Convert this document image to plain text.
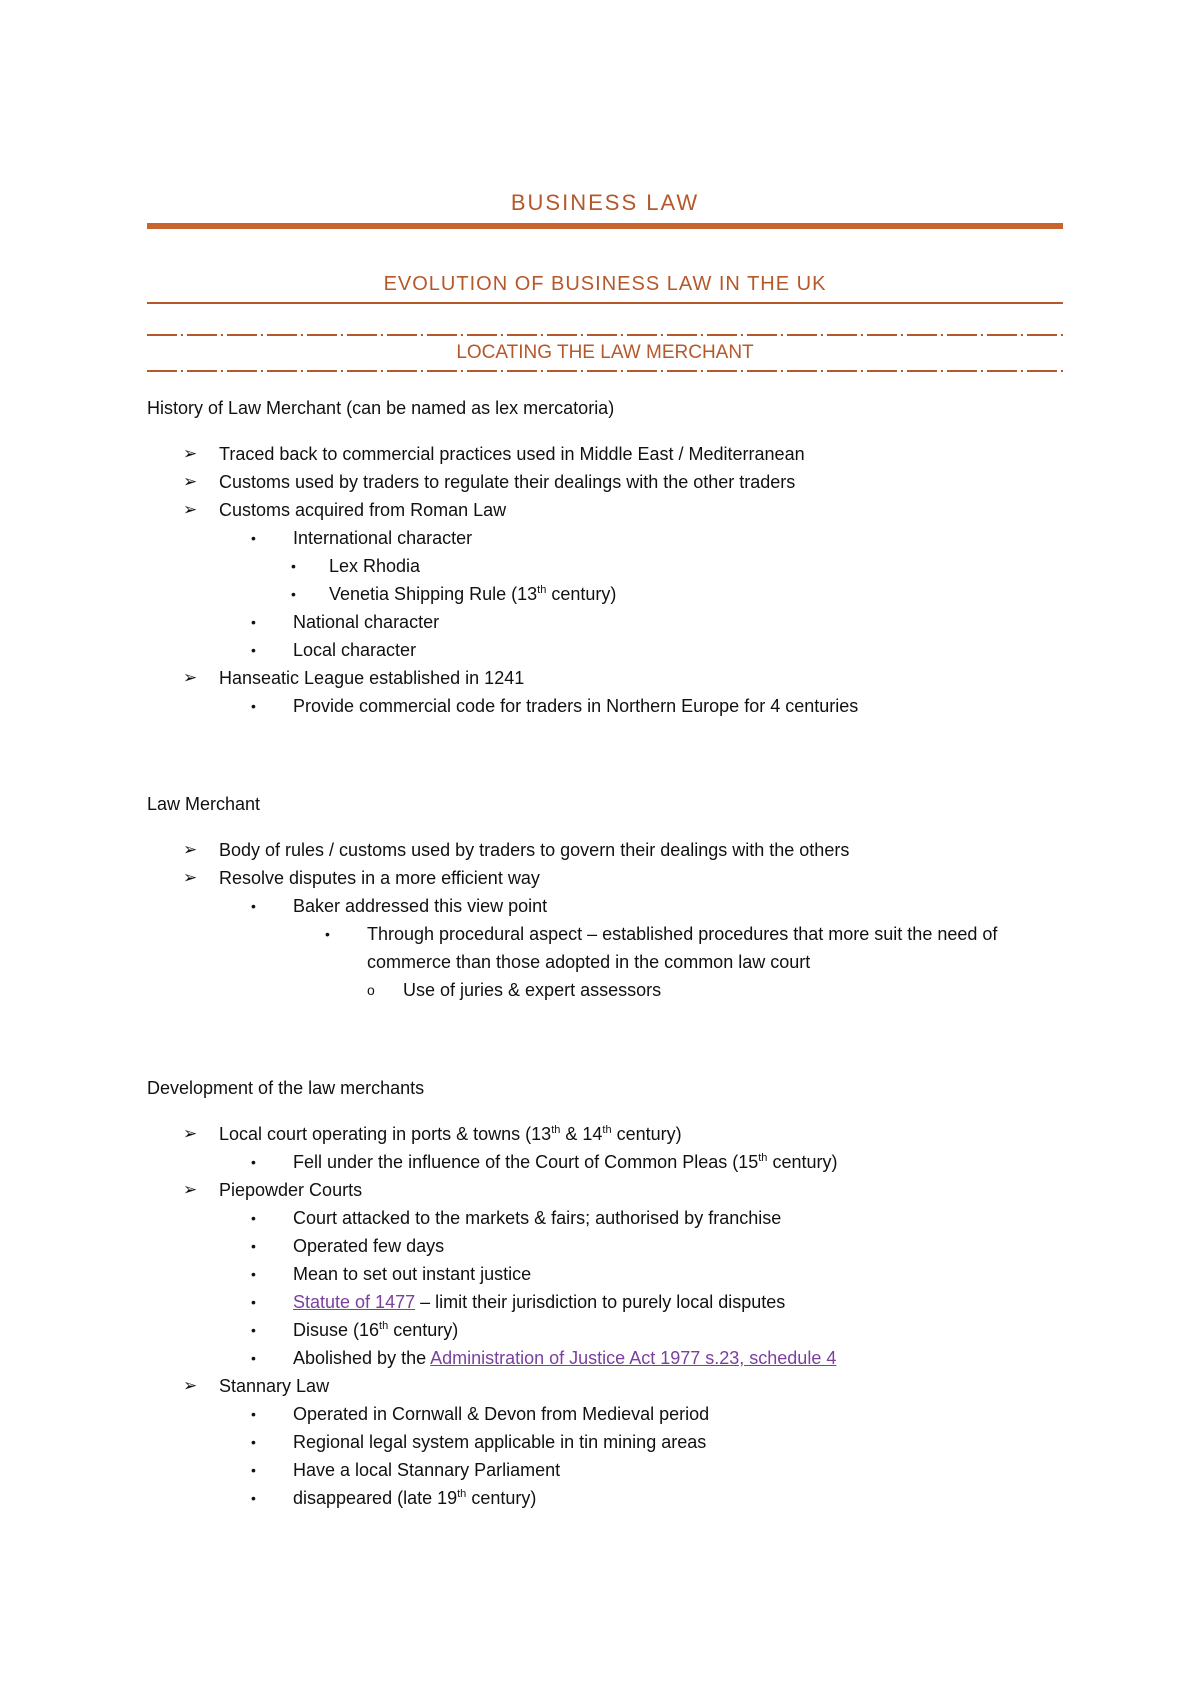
BUSINESS LAW
EVOLUTION OF BUSINESS LAW IN THE UK
LOCATING THE LAW MERCHANT
History of Law Merchant (can be named as lex mercatoria)
➢ Traced back to commercial practices used in Middle East / Mediterranean
➢ Customs used by traders to regulate their dealings with the other traders
➢ Customs acquired from Roman Law
• International character
• Lex Rhodia
• Venetia Shipping Rule (13th century)
• National character
• Local character
➢ Hanseatic League established in 1241
• Provide commercial code for traders in Northern Europe for 4 centuries
Law Merchant
➢ Body of rules / customs used by traders to govern their dealings with the others
➢ Resolve disputes in a more efficient way
• Baker addressed this view point
• Through procedural aspect – established procedures that more suit the need of commerce than those adopted in the common law court
o Use of juries & expert assessors
Development of the law merchants
➢ Local court operating in ports & towns (13th & 14th century)
• Fell under the influence of the Court of Common Pleas (15th century)
➢ Piepowder Courts
• Court attacked to the markets & fairs; authorised by franchise
• Operated few days
• Mean to set out instant justice
• Statute of 1477 – limit their jurisdiction to purely local disputes
• Disuse (16th century)
• Abolished by the Administration of Justice Act 1977 s.23, schedule 4
➢ Stannary Law
• Operated in Cornwall & Devon from Medieval period
• Regional legal system applicable in tin mining areas
• Have a local Stannary Parliament
• disappeared (late 19th century)
